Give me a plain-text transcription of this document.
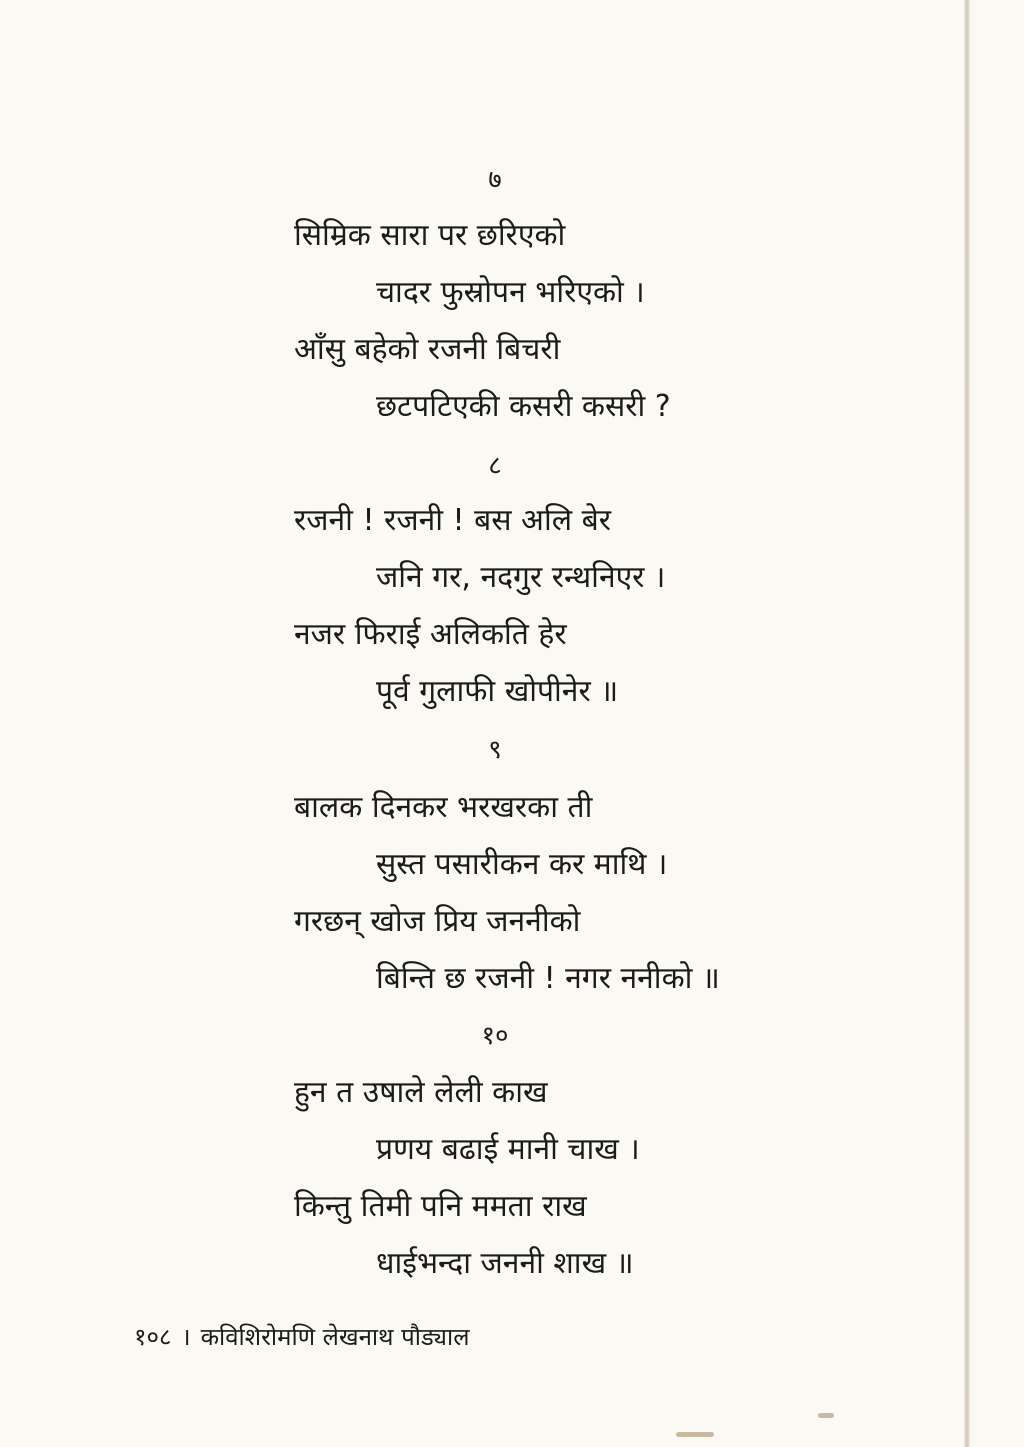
७
सिम्रिक सारा पर छरिएको
चादर फुस्रोपन भरिएको ।
आँसु बहेको रजनी बिचरी
छटपटिएकी कसरी कसरी ?
८
रजनी ! रजनी ! बस अलि बेर
जनि गर, नदगुर रन्थनिएर ।
नजर फिराई अलिकति हेर
पूर्व गुलाफी खोपीनेर ॥
९
बालक दिनकर भरखरका ती
सुस्त पसारीकन कर माथि ।
गरछन् खोज प्रिय जननीको
बिन्ति छ रजनी ! नगर ननीको ॥
१०
हुन त उषाले लेली काख
प्रणय बढाई मानी चाख ।
किन्तु तिमी पनि ममता राख
धाईभन्दा जननी शाख ॥
१०८ । कविशिरोमणि लेखनाथ पौड्याल
